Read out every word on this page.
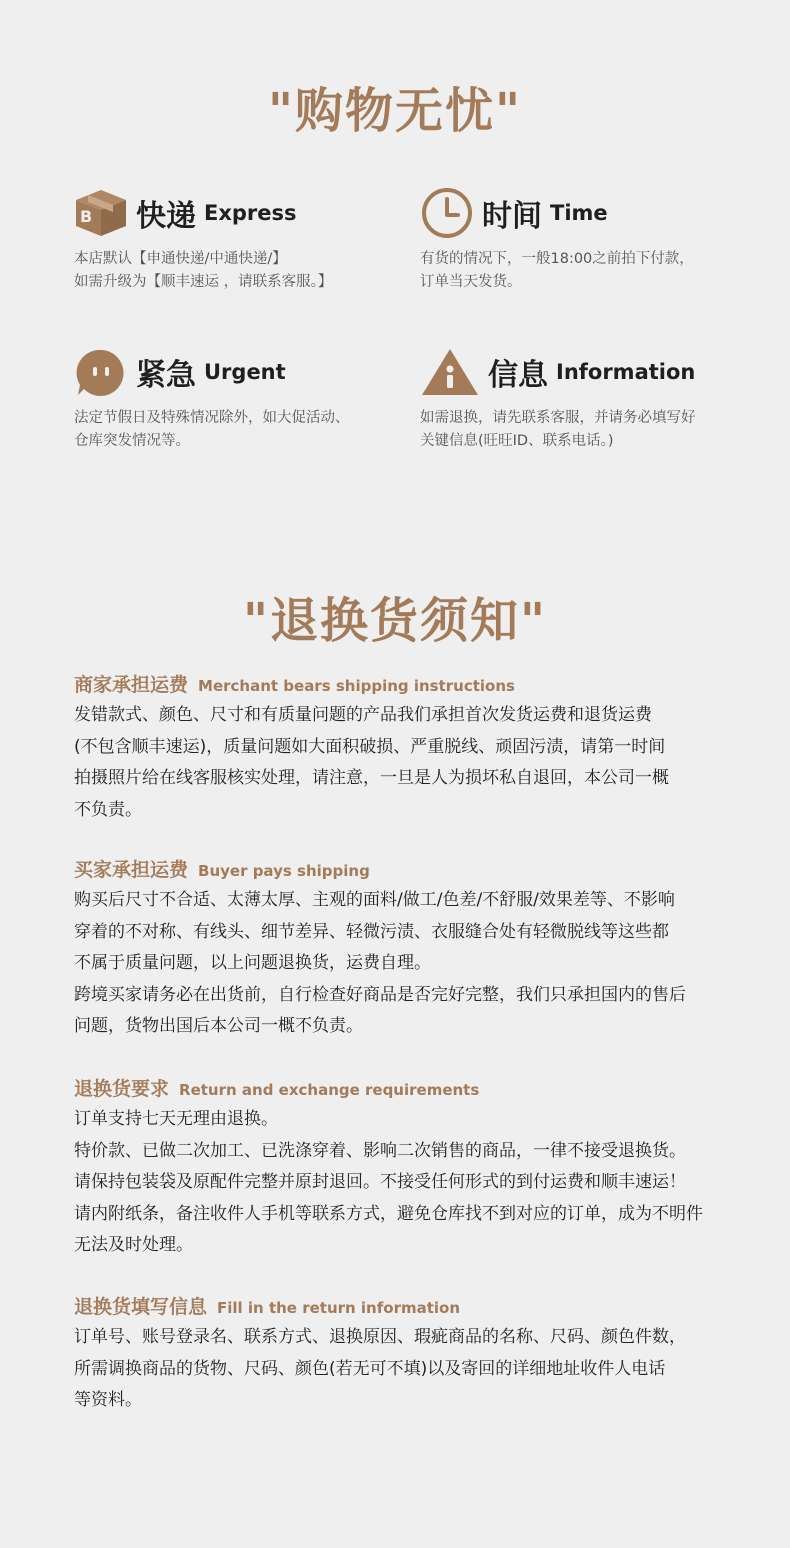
"购物无忧"
B 快递 Express
本店默认【申通快递/中通快递/】
如需升级为【顺丰速运 ，请联系客服。】
时间 Time
有货的情况下，一般18:00之前拍下付款，
订单当天发货。
紧急 Urgent
法定节假日及特殊情况除外，如大促活动、
仓库突发情况等。
信息 Information
如需退换，请先联系客服，并请务必填写好
关键信息(旺旺ID、联系电话。)
"退换货须知"
商家承担运费 Merchant bears shipping instructions
发错款式、颜色、尺寸和有质量问题的产品我们承担首次发货运费和退货运费
(不包含顺丰速运)，质量问题如大面积破损、严重脱线、顽固污渍，请第一时间
拍摄照片给在线客服核实处理，请注意，一旦是人为损坏私自退回，本公司一概
不负责。
买家承担运费 Buyer pays shipping
购买后尺寸不合适、太薄太厚、主观的面料/做工/色差/不舒服/效果差等、不影响
穿着的不对称、有线头、细节差异、轻微污渍、衣服缝合处有轻微脱线等这些都
不属于质量问题，以上问题退换货，运费自理。
跨境买家请务必在出货前，自行检查好商品是否完好完整，我们只承担国内的售后
问题，货物出国后本公司一概不负责。
退换货要求 Return and exchange requirements
订单支持七天无理由退换。
特价款、已做二次加工、已洗涤穿着、影响二次销售的商品，一律不接受退换货。
请保持包装袋及原配件完整并原封退回。不接受任何形式的到付运费和顺丰速运！
请内附纸条，备注收件人手机等联系方式，避免仓库找不到对应的订单，成为不明件
无法及时处理。
退换货填写信息 Fill in the return information
订单号、账号登录名、联系方式、退换原因、瑕疵商品的名称、尺码、颜色件数，
所需调换商品的货物、尺码、颜色(若无可不填)以及寄回的详细地址收件人电话
等资料。
